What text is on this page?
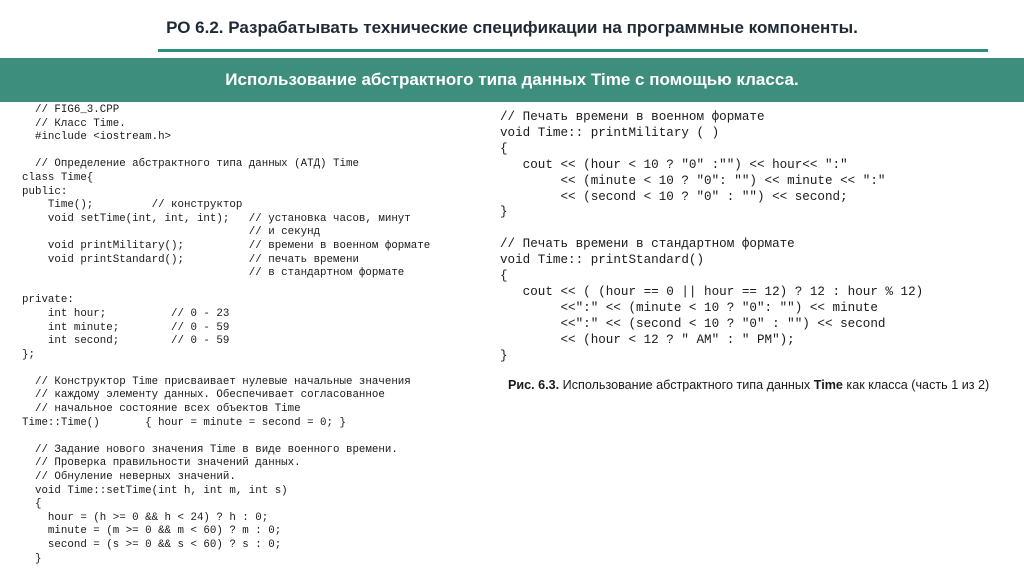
РО 6.2. Разрабатывать технические спецификации на программные компоненты.
Использование абстрактного типа данных Time с помощью класса.
// FIG6_3.CPP
// Класс Time.
#include <iostream.h>

// Определение абстрактного типа данных (АТД) Time
class Time{
public:
Time();         // конструктор
void setTime(int, int, int);   // установка часов, минут
// и секунд
void printMilitary();          // времени в военном формате
void printStandard();          // печать времени
// в стандартном формате

private:
int hour;          // 0 - 23
int minute;        // 0 - 59
int second;        // 0 - 59
};

// Конструктор Time присваивает нулевые начальные значения
// каждому элементу данных. Обеспечивает согласованное
// начальное состояние всех объектов Time
Time::Time()       { hour = minute = second = 0; }

// Задание нового значения Time в виде военного времени.
// Проверка правильности значений данных.
// Обнуление неверных значений.
void Time::setTime(int h, int m, int s)
{
hour = (h >= 0 && h < 24) ? h : 0;
minute = (m >= 0 && m < 60) ? m : 0;
second = (s >= 0 && s < 60) ? s : 0;
}
// Печать времени в военном формате
void Time:: printMilitary ( )
{
cout << (hour < 10 ? "0" :"") << hour<< ":"
<< (minute < 10 ? "0": "") << minute << ":"
<< (second < 10 ? "0" : "") << second;
}

// Печать времени в стандартном формате
void Time:: printStandard()
{
cout << ( (hour == 0 || hour == 12) ? 12 : hour % 12)
<<":" << (minute < 10 ? "0": "") << minute
<<":" << (second < 10 ? "0" : "") << second
<< (hour < 12 ? " AM" : " PM");
}
Рис. 6.3. Использование абстрактного типа данных Time как класса (часть 1 из 2)
